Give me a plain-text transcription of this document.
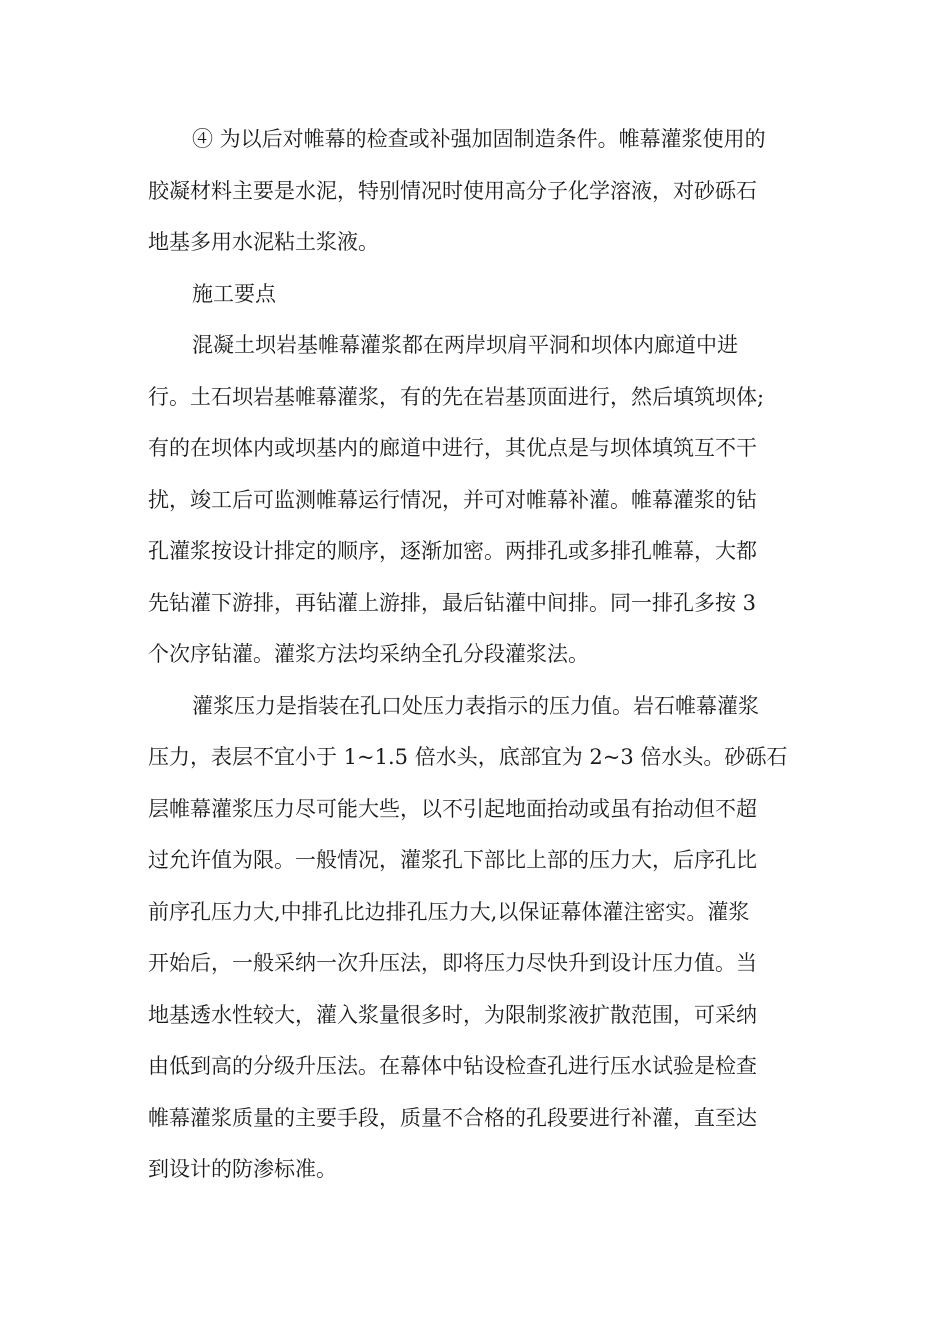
④ 为以后对帷幕的检查或补强加固制造条件。帷幕灌浆使用的
胶凝材料主要是水泥，特别情况时使用高分子化学溶液，对砂砾石
地基多用水泥粘土浆液。
施工要点
混凝土坝岩基帷幕灌浆都在两岸坝肩平洞和坝体内廊道中进
行。土石坝岩基帷幕灌浆，有的先在岩基顶面进行，然后填筑坝体;
有的在坝体内或坝基内的廊道中进行，其优点是与坝体填筑互不干
扰，竣工后可监测帷幕运行情况，并可对帷幕补灌。帷幕灌浆的钻
孔灌浆按设计排定的顺序，逐渐加密。两排孔或多排孔帷幕，大都
先钻灌下游排，再钻灌上游排，最后钻灌中间排。同一排孔多按 3
个次序钻灌。灌浆方法均采纳全孔分段灌浆法。
灌浆压力是指装在孔口处压力表指示的压力值。岩石帷幕灌浆
压力，表层不宜小于 1~1.5 倍水头，底部宜为 2~3 倍水头。砂砾石
层帷幕灌浆压力尽可能大些，以不引起地面抬动或虽有抬动但不超
过允许值为限。一般情况，灌浆孔下部比上部的压力大，后序孔比
前序孔压力大,中排孔比边排孔压力大,以保证幕体灌注密实。灌浆
开始后，一般采纳一次升压法，即将压力尽快升到设计压力值。当
地基透水性较大，灌入浆量很多时，为限制浆液扩散范围，可采纳
由低到高的分级升压法。在幕体中钻设检查孔进行压水试验是检查
帷幕灌浆质量的主要手段，质量不合格的孔段要进行补灌，直至达
到设计的防渗标准。
